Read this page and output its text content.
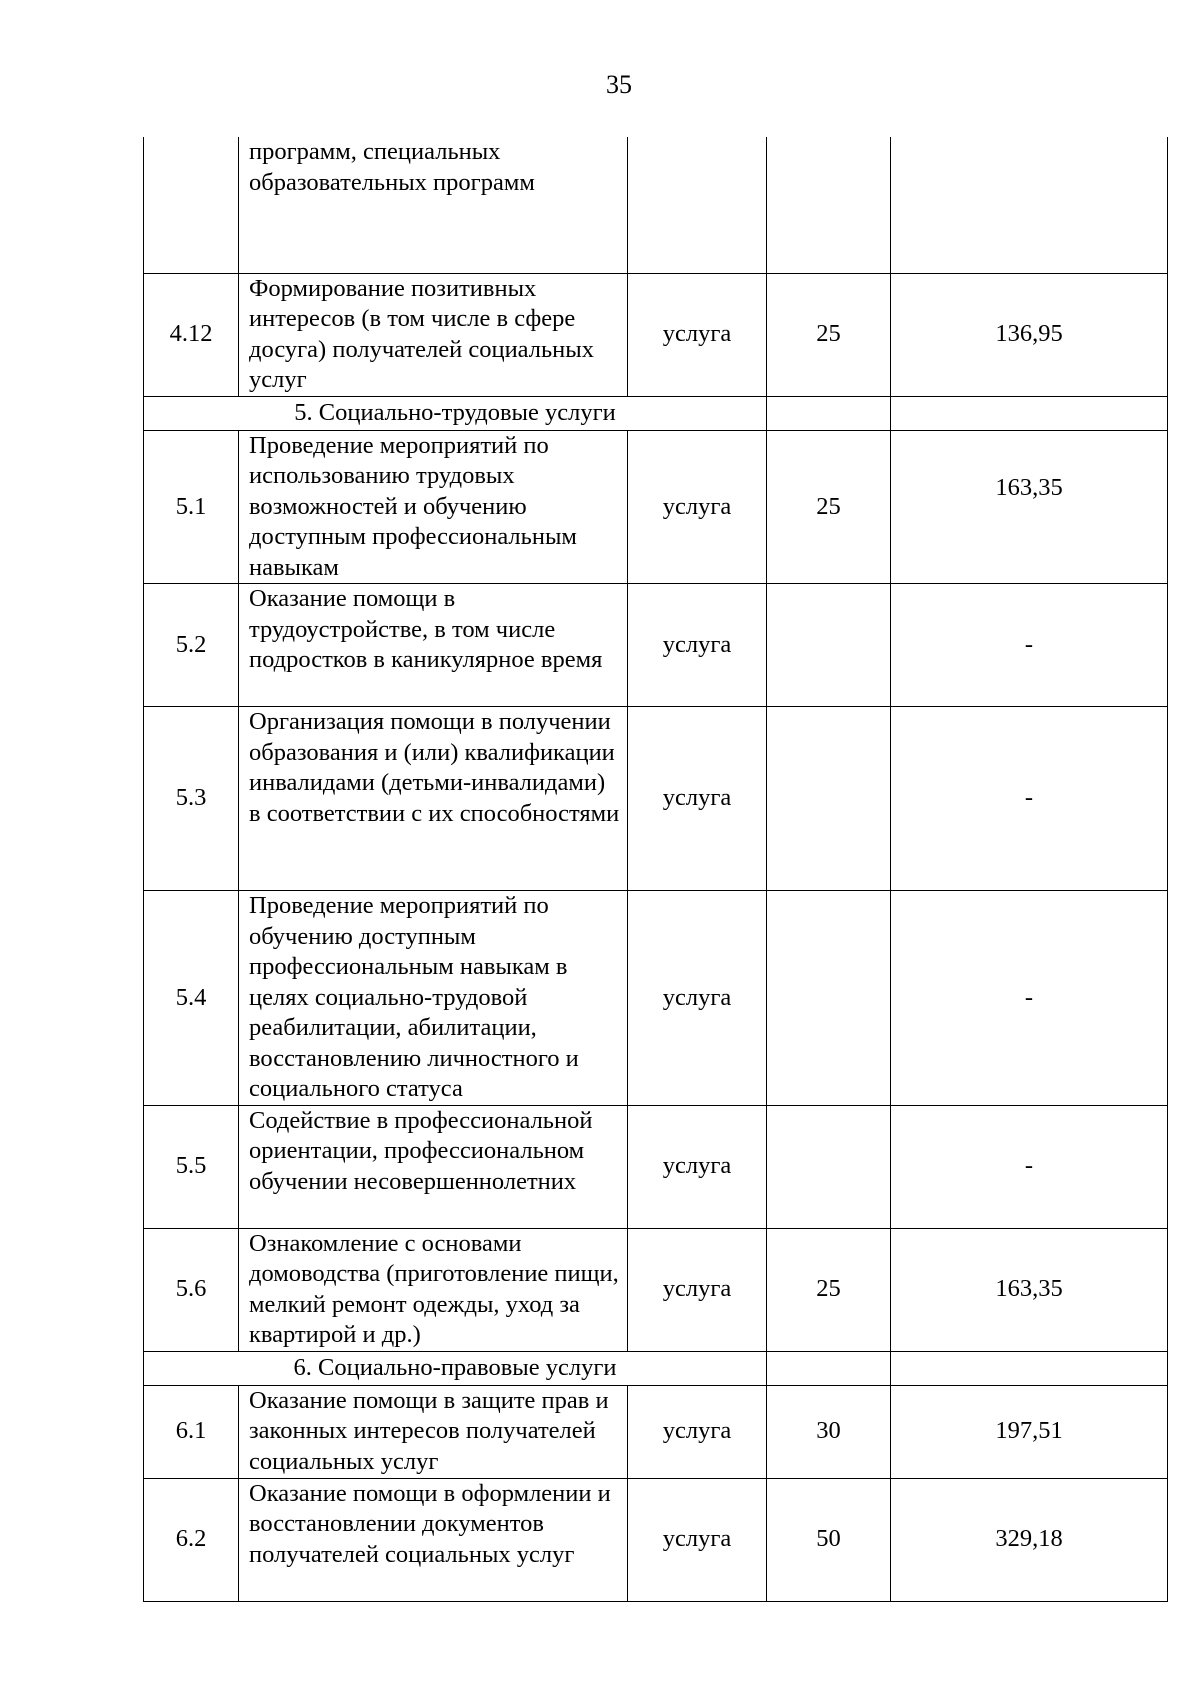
35
	программ, специальных образовательных программ			
4.12	Формирование позитивных интересов (в том числе в сфере досуга) получателей социальных услуг	услуга	25	136,95
5. Социально-трудовые услуги				
5.1	Проведение мероприятий по использованию трудовых возможностей и обучению доступным профессиональным навыкам	услуга	25	163,35
5.2	Оказание помощи в трудоустройстве, в том числе подростков в каникулярное время	услуга		-
5.3	Организация помощи в получении образования и (или) квалификации инвалидами (детьми-инвалидами) в соответствии с их способностями	услуга		-
5.4	Проведение мероприятий по обучению доступным профессиональным навыкам в целях социально-трудовой реабилитации, абилитации, восстановлению личностного и социального статуса	услуга		-
5.5	Содействие в профессиональной ориентации, профессиональном обучении несовершеннолетних	услуга		-
5.6	Ознакомление с основами домоводства (приготовление пищи, мелкий ремонт одежды, уход за квартирой и др.)	услуга	25	163,35
6. Социально-правовые услуги				
6.1	Оказание помощи в защите прав и законных интересов получателей социальных услуг	услуга	30	197,51
6.2	Оказание помощи в оформлении и восстановлении документов получателей социальных услуг	услуга	50	329,18
